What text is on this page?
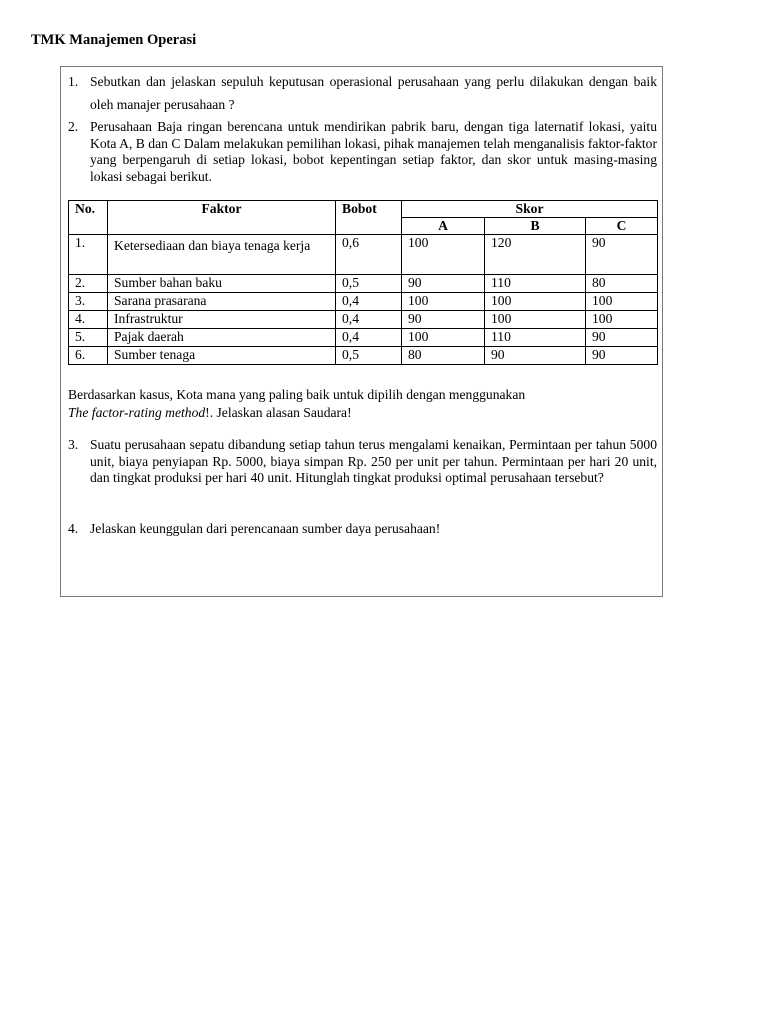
TMK Manajemen Operasi
1. Sebutkan dan jelaskan sepuluh keputusan operasional perusahaan yang perlu dilakukan dengan baik oleh manajer perusahaan ?
2. Perusahaan Baja ringan berencana untuk mendirikan pabrik baru, dengan tiga laternatif lokasi, yaitu Kota A, B dan C Dalam melakukan pemilihan lokasi, pihak manajemen telah menganalisis faktor-faktor yang berpengaruh di setiap lokasi, bobot kepentingan setiap faktor, dan skor untuk masing-masing lokasi sebagai berikut.
No.	Faktor	Bobot	Skor		
			A	B	C
1.	Ketersediaan dan biaya tenaga kerja	0,6	100	120	90
2.	Sumber bahan baku	0,5	90	110	80
3.	Sarana prasarana	0,4	100	100	100
4.	Infrastruktur	0,4	90	100	100
5.	Pajak daerah	0,4	100	110	90
6.	Sumber tenaga	0,5	80	90	90
Berdasarkan kasus, Kota mana yang paling baik untuk dipilih dengan menggunakan
The factor-rating method!. Jelaskan alasan Saudara!
3. Suatu perusahaan sepatu dibandung setiap tahun terus mengalami kenaikan, Permintaan per tahun 5000 unit, biaya penyiapan Rp. 5000, biaya simpan Rp. 250 per unit per tahun. Permintaan per hari 20 unit, dan tingkat produksi per hari 40 unit. Hitunglah tingkat produksi optimal perusahaan tersebut?
4. Jelaskan keunggulan dari perencanaan sumber daya perusahaan!
